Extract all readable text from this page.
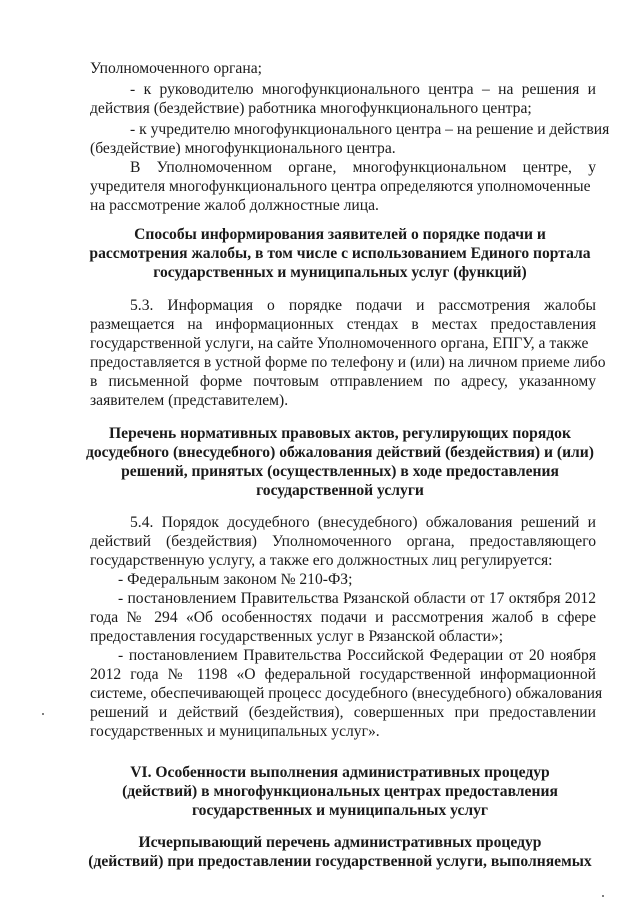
Уполномоченного органа;

- к руководителю многофункционального центра – на решения и

действия (бездействие) работника многофункционального центра;

- к учредителю многофункционального центра – на решение и действия

(бездействие) многофункционального центра.

В Уполномоченном органе, многофункциональном центре, у

учредителя многофункционального центра определяются уполномоченные

на рассмотрение жалоб должностные лица.

Способы информирования заявителей о порядке подачи и

рассмотрения жалобы, в том числе с использованием Единого портала

государственных и муниципальных услуг (функций)

5.3. Информация о порядке подачи и рассмотрения жалобы

размещается на информационных стендах в местах предоставления

государственной услуги, на сайте Уполномоченного органа, ЕПГУ, а также

предоставляется в устной форме по телефону и (или) на личном приеме либо

в письменной форме почтовым отправлением по адресу, указанному

заявителем (представителем).

Перечень нормативных правовых актов, регулирующих порядок

досудебного (внесудебного) обжалования действий (бездействия) и (или)

решений, принятых (осуществленных) в ходе предоставления

государственной услуги

5.4. Порядок досудебного (внесудебного) обжалования решений и

действий (бездействия) Уполномоченного органа, предоставляющего

государственную услугу, а также его должностных лиц регулируется:

- Федеральным законом № 210-ФЗ;

- постановлением Правительства Рязанской области от 17 октября 2012

года № 294 «Об особенностях подачи и рассмотрения жалоб в сфере

предоставления государственных услуг в Рязанской области»;

- постановлением Правительства Российской Федерации от 20 ноября

2012 года № 1198 «О федеральной государственной информационной

системе, обеспечивающей процесс досудебного (внесудебного) обжалования

решений и действий (бездействия), совершенных при предоставлении

государственных и муниципальных услуг».

VI. Особенности выполнения административных процедур

(действий) в многофункциональных центрах предоставления

государственных и муниципальных услуг

Исчерпывающий перечень административных процедур

(действий) при предоставлении государственной услуги, выполняемых
